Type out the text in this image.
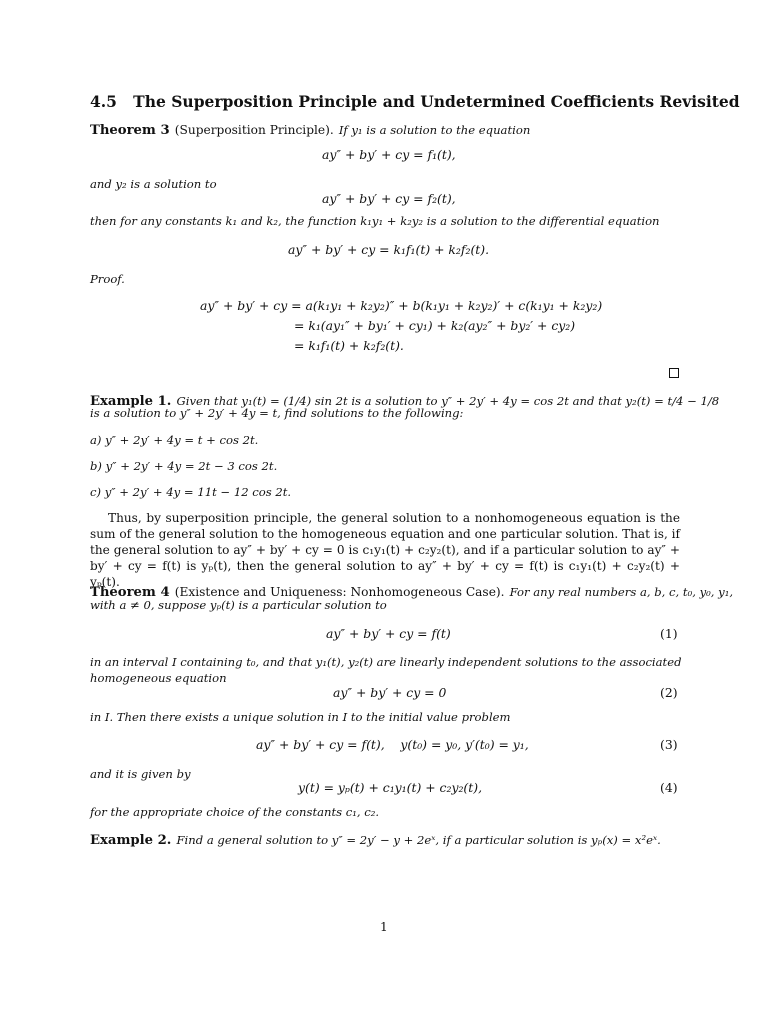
4.5 The Superposition Principle and Undetermined Coefficients Revisited
Theorem 3 (Superposition Principle). If y₁ is a solution to the equation
ay″ + by′ + cy = f₁(t),
and y₂ is a solution to
ay″ + by′ + cy = f₂(t),
then for any constants k₁ and k₂, the function k₁y₁ + k₂y₂ is a solution to the differential equation
ay″ + by′ + cy = k₁f₁(t) + k₂f₂(t).
Proof.
ay″ + by′ + cy = a(k₁y₁ + k₂y₂)″ + b(k₁y₁ + k₂y₂)′ + c(k₁y₁ + k₂y₂)
= k₁(ay₁″ + by₁′ + cy₁) + k₂(ay₂″ + by₂′ + cy₂)
= k₁f₁(t) + k₂f₂(t).
Example 1. Given that y₁(t) = (1/4) sin 2t is a solution to y″ + 2y′ + 4y = cos 2t and that y₂(t) = t/4 − 1/8
is a solution to y″ + 2y′ + 4y = t, find solutions to the following:
a) y″ + 2y′ + 4y = t + cos 2t.
b) y″ + 2y′ + 4y = 2t − 3 cos 2t.
c) y″ + 2y′ + 4y = 11t − 12 cos 2t.
Thus, by superposition principle, the general solution to a nonhomogeneous equation is the sum of the general solution to the homogeneous equation and one particular solution. That is, if the general solution to ay″ + by′ + cy = 0 is c₁y₁(t) + c₂y₂(t), and if a particular solution to ay″ + by′ + cy = f(t) is yₚ(t), then the general solution to ay″ + by′ + cy = f(t) is c₁y₁(t) + c₂y₂(t) + yₚ(t).
Theorem 4 (Existence and Uniqueness: Nonhomogeneous Case). For any real numbers a, b, c, t₀, y₀, y₁,
with a ≠ 0, suppose yₚ(t) is a particular solution to
ay″ + by′ + cy = f(t)	(1)
in an interval I containing t₀, and that y₁(t), y₂(t) are linearly independent solutions to the associated
homogeneous equation
ay″ + by′ + cy = 0	(2)
in I. Then there exists a unique solution in I to the initial value problem
ay″ + by′ + cy = f(t),    y(t₀) = y₀, y′(t₀) = y₁,	(3)
and it is given by
y(t) = yₚ(t) + c₁y₁(t) + c₂y₂(t),	(4)
for the appropriate choice of the constants c₁, c₂.
Example 2. Find a general solution to y″ = 2y′ − y + 2eˣ, if a particular solution is yₚ(x) = x²eˣ.
1
